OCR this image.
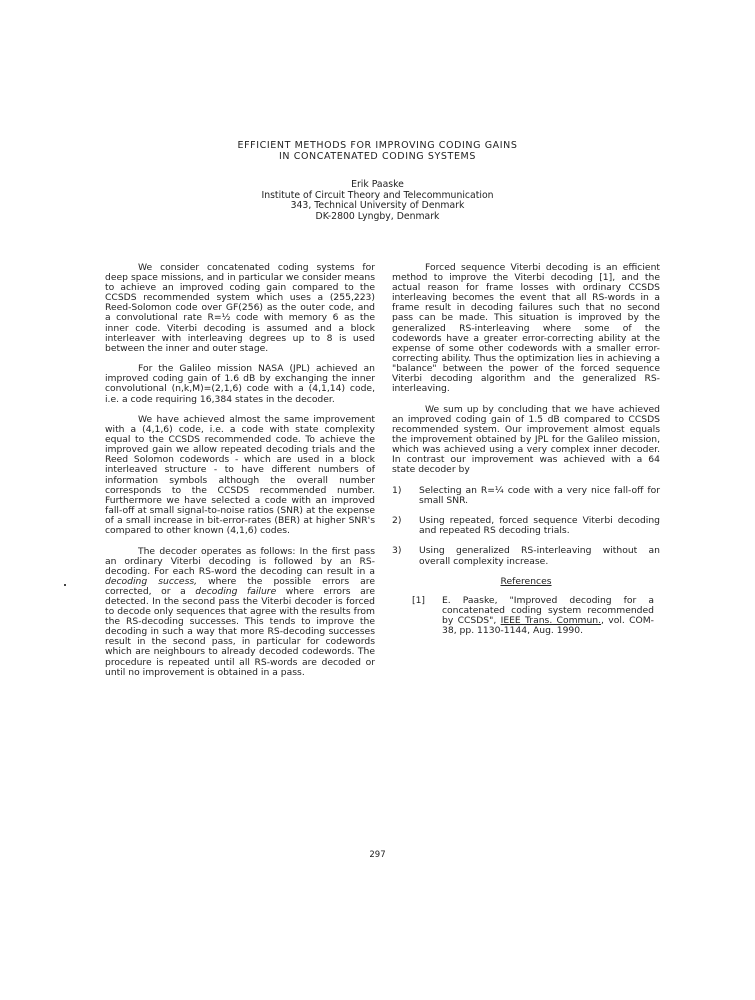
EFFICIENT METHODS FOR IMPROVING CODING GAINS
IN CONCATENATED CODING SYSTEMS
Erik Paaske
Institute of Circuit Theory and Telecommunication
343, Technical University of Denmark
DK-2800 Lyngby, Denmark

We consider concatenated coding systems for deep space missions, and in particular we consider means to achieve an improved coding gain compared to the CCSDS recommended system which uses a (255,223) Reed-Solomon code over GF(256) as the outer code, and a convolutional rate R=½ code with memory 6 as the inner code. Viterbi decoding is assumed and a block interleaver with interleaving degrees up to 8 is used between the inner and outer stage.

For the Galileo mission NASA (JPL) achieved an improved coding gain of 1.6 dB by exchanging the inner convolutional (n,k,M)=(2,1,6) code with a (4,1,14) code, i.e. a code requiring 16,384 states in the decoder.

We have achieved almost the same improvement with a (4,1,6) code, i.e. a code with state complexity equal to the CCSDS recommended code. To achieve the improved gain we allow repeated decoding trials and the Reed Solomon codewords - which are used in a block interleaved structure - to have different numbers of information symbols although the overall number corresponds to the CCSDS recommended number. Furthermore we have selected a code with an improved fall-off at small signal-to-noise ratios (SNR) at the expense of a small increase in bit-error-rates (BER) at higher SNR's compared to other known (4,1,6) codes.

The decoder operates as follows: In the first pass an ordinary Viterbi decoding is followed by an RS-decoding. For each RS-word the decoding can result in a decoding success, where the possible errors are corrected, or a decoding failure where errors are detected. In the second pass the Viterbi decoder is forced to decode only sequences that agree with the results from the RS-decoding successes. This tends to improve the decoding in such a way that more RS-decoding successes result in the second pass, in particular for codewords which are neighbours to already decoded codewords. The procedure is repeated until all RS-words are decoded or until no improvement is obtained in a pass.

Forced sequence Viterbi decoding is an efficient method to improve the Viterbi decoding [1], and the actual reason for frame losses with ordinary CCSDS interleaving becomes the event that all RS-words in a frame result in decoding failures such that no second pass can be made. This situation is improved by the generalized RS-interleaving where some of the codewords have a greater error-correcting ability at the expense of some other codewords with a smaller error-correcting ability. Thus the optimization lies in achieving a "balance" between the power of the forced sequence Viterbi decoding algorithm and the generalized RS-interleaving.

We sum up by concluding that we have achieved an improved coding gain of 1.5 dB compared to CCSDS recommended system. Our improvement almost equals the improvement obtained by JPL for the Galileo mission, which was achieved using a very complex inner decoder. In contrast our improvement was achieved with a 64 state decoder by

1) Selecting an R=¼ code with a very nice fall-off for small SNR.
2) Using repeated, forced sequence Viterbi decoding and repeated RS decoding trials.
3) Using generalized RS-interleaving without an overall complexity increase.
References
[1] E. Paaske, "Improved decoding for a concatenated coding system recommended by CCSDS", IEEE Trans. Commun., vol. COM-38, pp. 1130-1144, Aug. 1990.
297
